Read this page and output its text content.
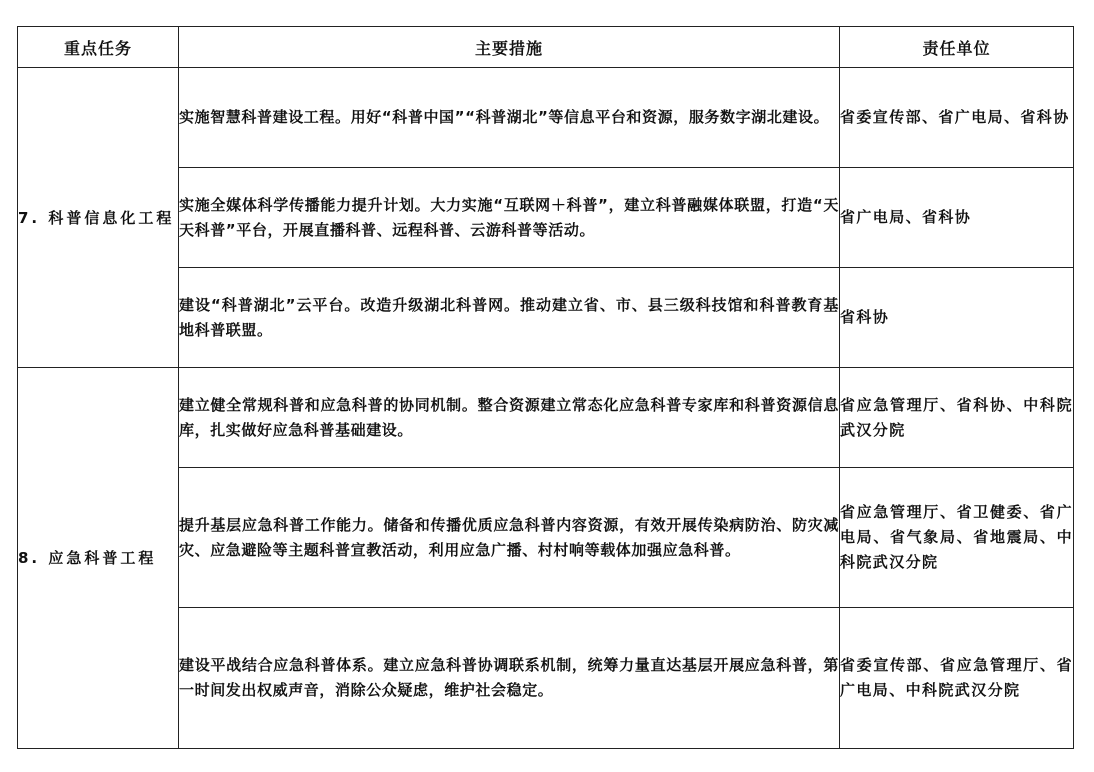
重点任务	主要措施	责任单位
7. 科普信息化工程	实施智慧科普建设工程。用好“科普中国”“科普湖北”等信息平台和资源，服务数字湖北建设。	省委宣传部、省广电局、省科协
	实施全媒体科学传播能力提升计划。大力实施“互联网＋科普”，建立科普融媒体联盟，打造“天天科普”平台，开展直播科普、远程科普、云游科普等活动。	省广电局、省科协
	建设“科普湖北”云平台。改造升级湖北科普网。推动建立省、市、县三级科技馆和科普教育基地科普联盟。	省科协
8. 应急科普工程	建立健全常规科普和应急科普的协同机制。整合资源建立常态化应急科普专家库和科普资源信息库，扎实做好应急科普基础建设。	省应急管理厅、省科协、中科院武汉分院
	提升基层应急科普工作能力。储备和传播优质应急科普内容资源，有效开展传染病防治、防灾减灾、应急避险等主题科普宣教活动，利用应急广播、村村响等载体加强应急科普。	省应急管理厅、省卫健委、省广电局、省气象局、省地震局、中科院武汉分院
	建设平战结合应急科普体系。建立应急科普协调联系机制，统筹力量直达基层开展应急科普，第一时间发出权威声音，消除公众疑虑，维护社会稳定。	省委宣传部、省应急管理厅、省广电局、中科院武汉分院
